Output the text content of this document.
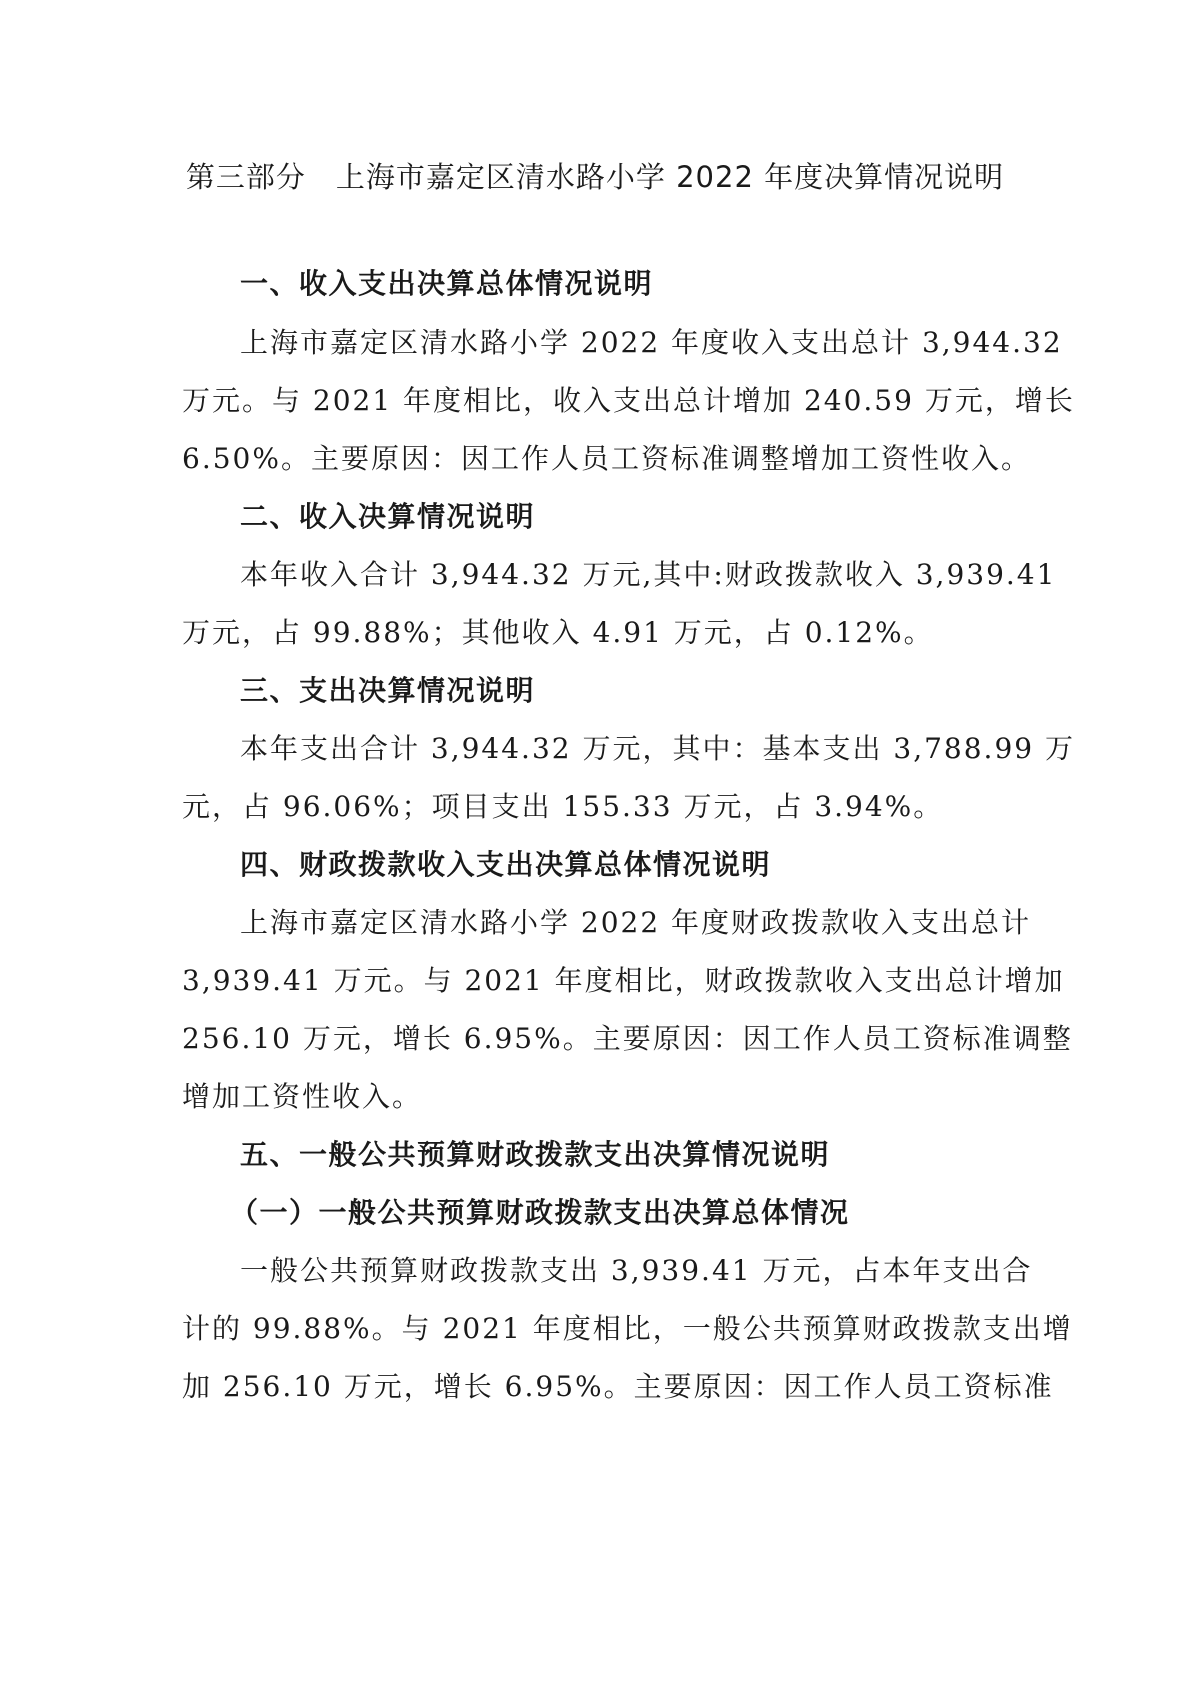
第三部分　上海市嘉定区清水路小学 2022 年度决算情况说明
一、收入支出决算总体情况说明

上海市嘉定区清水路小学 2022 年度收入支出总计 3,944.32

万元。与 2021 年度相比，收入支出总计增加 240.59 万元，增长

6.50%。主要原因：因工作人员工资标准调整增加工资性收入。

二、收入决算情况说明

本年收入合计 3,944.32 万元,其中:财政拨款收入 3,939.41

万元，占 99.88%；其他收入 4.91 万元，占 0.12%。

三、支出决算情况说明

本年支出合计 3,944.32 万元，其中：基本支出 3,788.99 万

元，占 96.06%；项目支出 155.33 万元，占 3.94%。

四、财政拨款收入支出决算总体情况说明

上海市嘉定区清水路小学 2022 年度财政拨款收入支出总计

3,939.41 万元。与 2021 年度相比，财政拨款收入支出总计增加

256.10 万元，增长 6.95%。主要原因：因工作人员工资标准调整

增加工资性收入。

五、一般公共预算财政拨款支出决算情况说明
（一）一般公共预算财政拨款支出决算总体情况

一般公共预算财政拨款支出 3,939.41 万元，占本年支出合

计的 99.88%。与 2021 年度相比，一般公共预算财政拨款支出增

加 256.10 万元，增长 6.95%。主要原因：因工作人员工资标准
